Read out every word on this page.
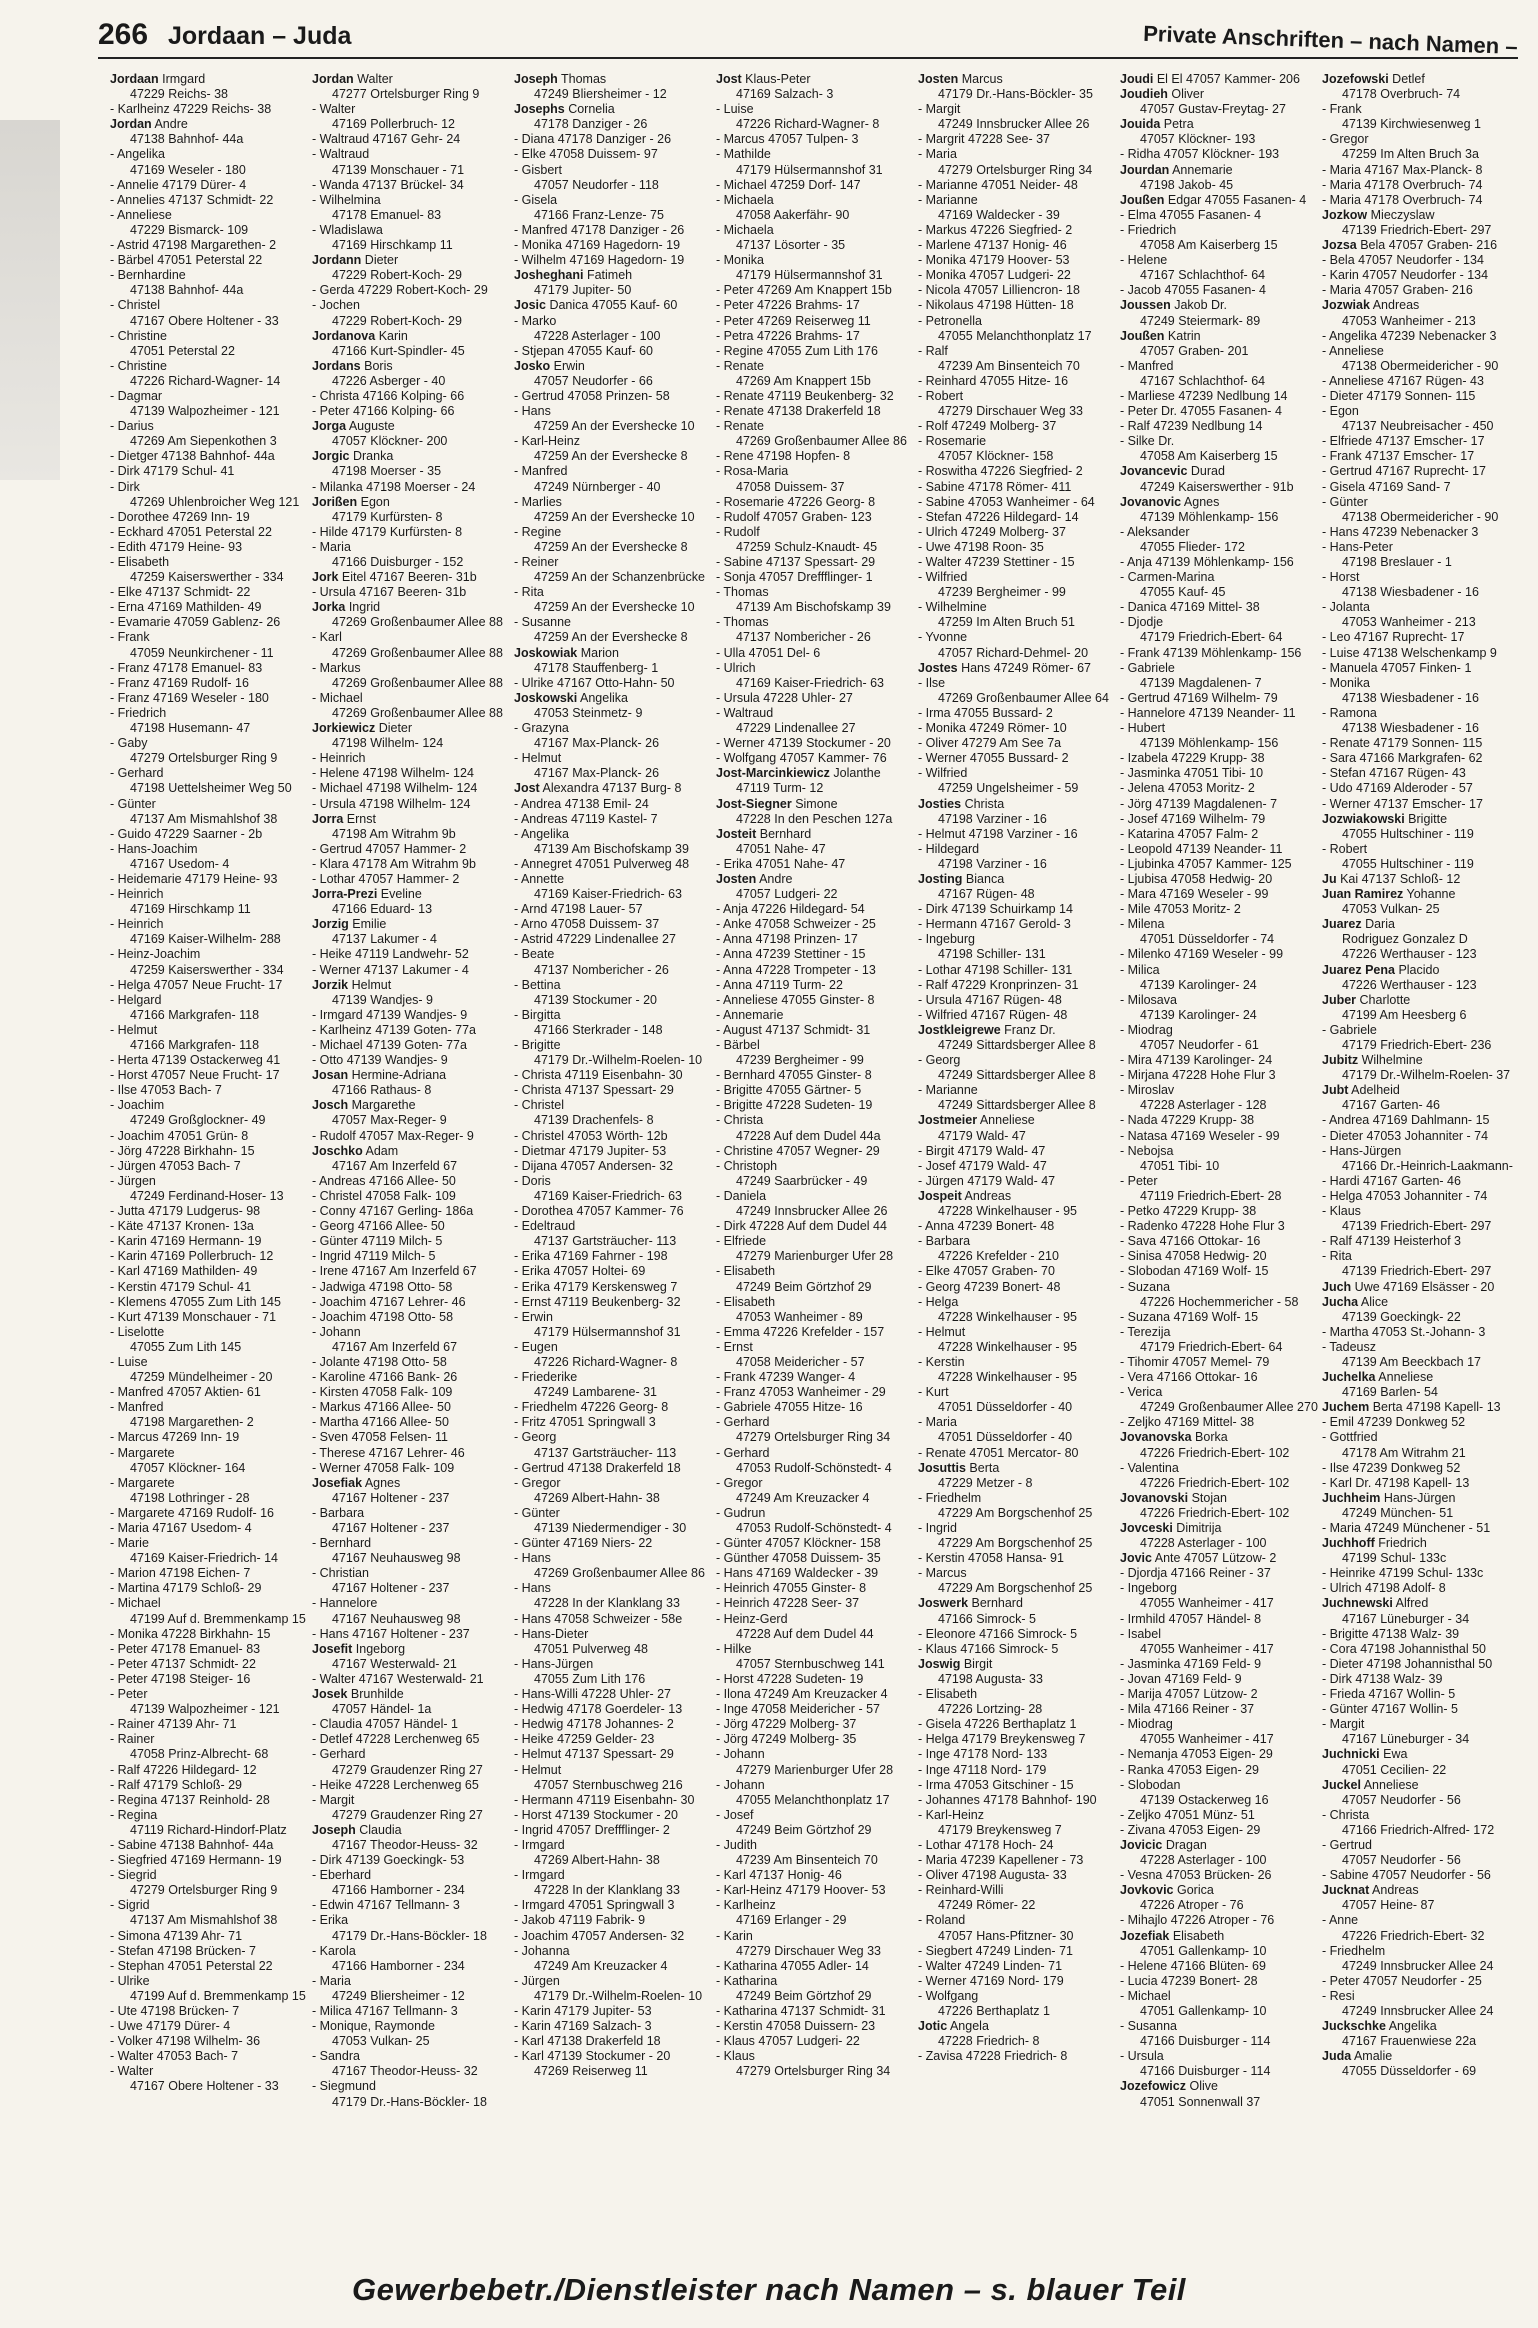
266 Jordaan – Juda	Private Anschriften – nach Namen –
Jordaan Irmgard
47229 Reichs- 38
- Karlheinz 47229 Reichs- 38
Jordan Andre
47138 Bahnhof- 44a
- Angelika
47169 Weseler - 180
- Annelie 47179 Dürer- 4
- Annelies 47137 Schmidt- 22
- Anneliese
47229 Bismarck- 109
- Astrid 47198 Margarethen- 2
- Bärbel 47051 Peterstal 22
- Bernhardine
47138 Bahnhof- 44a
- Christel
47167 Obere Holtener - 33
- Christine
47051 Peterstal 22
- Christine
47226 Richard-Wagner- 14
- Dagmar
47139 Walpozheimer - 121
- Darius
47269 Am Siepenkothen 3
- Dietger 47138 Bahnhof- 44a
- Dirk 47179 Schul- 41
- Dirk
47269 Uhlenbroicher Weg 121
- Dorothee 47269 Inn- 19
- Eckhard 47051 Peterstal 22
- Edith 47179 Heine- 93
- Elisabeth
47259 Kaiserswerther - 334
- Elke 47137 Schmidt- 22
- Erna 47169 Mathilden- 49
- Evamarie 47059 Gablenz- 26
- Frank
47059 Neunkirchener - 11
- Franz 47178 Emanuel- 83
- Franz 47169 Rudolf- 16
- Franz 47169 Weseler - 180
- Friedrich
47198 Husemann- 47
- Gaby
47279 Ortelsburger Ring 9
- Gerhard
47198 Uettelsheimer Weg 50
- Günter
47137 Am Mismahlshof 38
- Guido 47229 Saarner - 2b
- Hans-Joachim
47167 Usedom- 4
- Heidemarie 47179 Heine- 93
- Heinrich
47169 Hirschkamp 11
- Heinrich
47169 Kaiser-Wilhelm- 288
- Heinz-Joachim
47259 Kaiserswerther - 334
- Helga 47057 Neue Frucht- 17
- Helgard
47166 Markgrafen- 118
- Helmut
47166 Markgrafen- 118
- Herta 47139 Ostackerweg 41
- Horst 47057 Neue Frucht- 17
- Ilse 47053 Bach- 7
- Joachim
47249 Großglockner- 49
- Joachim 47051 Grün- 8
- Jörg 47228 Birkhahn- 15
- Jürgen 47053 Bach- 7
- Jürgen
47249 Ferdinand-Hoser- 13
- Jutta 47179 Ludgerus- 98
- Käte 47137 Kronen- 13a
- Karin 47169 Hermann- 19
- Karin 47169 Pollerbruch- 12
- Karl 47169 Mathilden- 49
- Kerstin 47179 Schul- 41
- Klemens 47055 Zum Lith 145
- Kurt 47139 Monschauer - 71
- Liselotte
47055 Zum Lith 145
- Luise
47259 Mündelheimer - 20
- Manfred 47057 Aktien- 61
- Manfred
47198 Margarethen- 2
- Marcus 47269 Inn- 19
- Margarete
47057 Klöckner- 164
- Margarete
47198 Lothringer - 28
- Margarete 47169 Rudolf- 16
- Maria 47167 Usedom- 4
- Marie
47169 Kaiser-Friedrich- 14
- Marion 47198 Eichen- 7
- Martina 47179 Schloß- 29
- Michael
47199 Auf d. Bremmenkamp 15
- Monika 47228 Birkhahn- 15
- Peter 47178 Emanuel- 83
- Peter 47137 Schmidt- 22
- Peter 47198 Steiger- 16
- Peter
47139 Walpozheimer - 121
- Rainer 47139 Ahr- 71
- Rainer
47058 Prinz-Albrecht- 68
- Ralf 47226 Hildegard- 12
- Ralf 47179 Schloß- 29
- Regina 47137 Reinhold- 28
- Regina
47119 Richard-Hindorf-Platz
- Sabine 47138 Bahnhof- 44a
- Siegfried 47169 Hermann- 19
- Siegrid
47279 Ortelsburger Ring 9
- Sigrid
47137 Am Mismahlshof 38
- Simona 47139 Ahr- 71
- Stefan 47198 Brücken- 7
- Stephan 47051 Peterstal 22
- Ulrike
47199 Auf d. Bremmenkamp 15
- Ute 47198 Brücken- 7
- Uwe 47179 Dürer- 4
- Volker 47198 Wilhelm- 36
- Walter 47053 Bach- 7
- Walter
47167 Obere Holtener - 33
Jordan Walter
47277 Ortelsburger Ring 9
- Walter
47169 Pollerbruch- 12
- Waltraud 47167 Gehr- 24
- Waltraud
47139 Monschauer - 71
- Wanda 47137 Brückel- 34
- Wilhelmina
47178 Emanuel- 83
- Wladislawa
47169 Hirschkamp 11
Jordann Dieter
47229 Robert-Koch- 29
- Gerda 47229 Robert-Koch- 29
- Jochen
47229 Robert-Koch- 29
Jordanova Karin
47166 Kurt-Spindler- 45
Jordans Boris
47226 Asberger - 40
- Christa 47166 Kolping- 66
- Peter 47166 Kolping- 66
Jorga Auguste
47057 Klöckner- 200
Jorgic Dranka
47198 Moerser - 35
- Milanka 47198 Moerser - 24
Jorißen Egon
47179 Kurfürsten- 8
- Hilde 47179 Kurfürsten- 8
- Maria
47166 Duisburger - 152
Jork Eitel 47167 Beeren- 31b
- Ursula 47167 Beeren- 31b
Jorka Ingrid
47269 Großenbaumer Allee 88
- Karl
47269 Großenbaumer Allee 88
- Markus
47269 Großenbaumer Allee 88
- Michael
47269 Großenbaumer Allee 88
Jorkiewicz Dieter
47198 Wilhelm- 124
- Heinrich
- Helene 47198 Wilhelm- 124
- Michael 47198 Wilhelm- 124
- Ursula 47198 Wilhelm- 124
Jorra Ernst
47198 Am Witrahm 9b
- Gertrud 47057 Hammer- 2
- Klara 47178 Am Witrahm 9b
- Lothar 47057 Hammer- 2
Jorra-Prezi Eveline
47166 Eduard- 13
Jorzig Emilie
47137 Lakumer - 4
- Heike 47119 Landwehr- 52
- Werner 47137 Lakumer - 4
Jorzik Helmut
47139 Wandjes- 9
- Irmgard 47139 Wandjes- 9
- Karlheinz 47139 Goten- 77a
- Michael 47139 Goten- 77a
- Otto 47139 Wandjes- 9
Josan Hermine-Adriana
47166 Rathaus- 8
Josch Margarethe
47057 Max-Reger- 9
- Rudolf 47057 Max-Reger- 9
Joschko Adam
47167 Am Inzerfeld 67
- Andreas 47166 Allee- 50
- Christel 47058 Falk- 109
- Conny 47167 Gerling- 186a
- Georg 47166 Allee- 50
- Günter 47119 Milch- 5
- Ingrid 47119 Milch- 5
- Irene 47167 Am Inzerfeld 67
- Jadwiga 47198 Otto- 58
- Joachim 47167 Lehrer- 46
- Joachim 47198 Otto- 58
- Johann
47167 Am Inzerfeld 67
- Jolante 47198 Otto- 58
- Karoline 47166 Bank- 26
- Kirsten 47058 Falk- 109
- Markus 47166 Allee- 50
- Martha 47166 Allee- 50
- Sven 47058 Felsen- 11
- Therese 47167 Lehrer- 46
- Werner 47058 Falk- 109
Josefiak Agnes
47167 Holtener - 237
- Barbara
47167 Holtener - 237
- Bernhard
47167 Neuhausweg 98
- Christian
47167 Holtener - 237
- Hannelore
47167 Neuhausweg 98
- Hans 47167 Holtener - 237
Josefit Ingeborg
47167 Westerwald- 21
- Walter 47167 Westerwald- 21
Josek Brunhilde
47057 Händel- 1a
- Claudia 47057 Händel- 1
- Detlef 47228 Lerchenweg 65
- Gerhard
47279 Graudenzer Ring 27
- Heike 47228 Lerchenweg 65
- Margit
47279 Graudenzer Ring 27
Joseph Claudia
47167 Theodor-Heuss- 32
- Dirk 47139 Goeckingk- 53
- Eberhard
47166 Hamborner - 234
- Edwin 47167 Tellmann- 3
- Erika
47179 Dr.-Hans-Böckler- 18
- Karola
47166 Hamborner - 234
- Maria
47249 Bliersheimer - 12
- Milica 47167 Tellmann- 3
- Monique, Raymonde
47053 Vulkan- 25
- Sandra
47167 Theodor-Heuss- 32
- Siegmund
47179 Dr.-Hans-Böckler- 18
Joseph Thomas
47249 Bliersheimer - 12
Josephs Cornelia
47178 Danziger - 26
- Diana 47178 Danziger - 26
- Elke 47058 Duissem- 97
- Gisbert
47057 Neudorfer - 118
- Gisela
47166 Franz-Lenze- 75
- Manfred 47178 Danziger - 26
- Monika 47169 Hagedorn- 19
- Wilhelm 47169 Hagedorn- 19
Josheghani Fatimeh
47179 Jupiter- 50
Josic Danica 47055 Kauf- 60
- Marko
47228 Asterlager - 100
- Stjepan 47055 Kauf- 60
Josko Erwin
47057 Neudorfer - 66
- Gertrud 47058 Prinzen- 58
- Hans
47259 An der Evershecke 10
- Karl-Heinz
47259 An der Evershecke 8
- Manfred
47249 Nürnberger - 40
- Marlies
47259 An der Evershecke 10
- Regine
47259 An der Evershecke 8
- Reiner
47259 An der Schanzenbrücke
- Rita
47259 An der Evershecke 10
- Susanne
47259 An der Evershecke 8
Joskowiak Marion
47178 Stauffenberg- 1
- Ulrike 47167 Otto-Hahn- 50
Joskowski Angelika
47053 Steinmetz- 9
- Grazyna
47167 Max-Planck- 26
- Helmut
47167 Max-Planck- 26
Jost Alexandra 47137 Burg- 8
- Andrea 47138 Emil- 24
- Andreas 47119 Kastel- 7
- Angelika
47139 Am Bischofskamp 39
- Annegret 47051 Pulverweg 48
- Annette
47169 Kaiser-Friedrich- 63
- Arnd 47198 Lauer- 57
- Arno 47058 Duissem- 37
- Astrid 47229 Lindenallee 27
- Beate
47137 Nombericher - 26
- Bettina
47139 Stockumer - 20
- Birgitta
47166 Sterkrader - 148
- Brigitte
47179 Dr.-Wilhelm-Roelen- 10
- Christa 47119 Eisenbahn- 30
- Christa 47137 Spessart- 29
- Christel
47139 Drachenfels- 8
- Christel 47053 Wörth- 12b
- Dietmar 47179 Jupiter- 53
- Dijana 47057 Andersen- 32
- Doris
47169 Kaiser-Friedrich- 63
- Dorothea 47057 Kammer- 76
- Edeltraud
47137 Gartsträucher- 113
- Erika 47169 Fahrner - 198
- Erika 47057 Holtei- 69
- Erika 47179 Kerskensweg 7
- Ernst 47119 Beukenberg- 32
- Erwin
47179 Hülsermannshof 31
- Eugen
47226 Richard-Wagner- 8
- Friederike
47249 Lambarene- 31
- Friedhelm 47226 Georg- 8
- Fritz 47051 Springwall 3
- Georg
47137 Gartsträucher- 113
- Gertrud 47138 Drakerfeld 18
- Gregor
47269 Albert-Hahn- 38
- Günter
47139 Niedermendiger - 30
- Günter 47169 Niers- 22
- Hans
47269 Großenbaumer Allee 86
- Hans
47228 In der Klanklang 33
- Hans 47058 Schweizer - 58e
- Hans-Dieter
47051 Pulverweg 48
- Hans-Jürgen
47055 Zum Lith 176
- Hans-Willi 47228 Uhler- 27
- Hedwig 47178 Goerdeler- 13
- Hedwig 47178 Johannes- 2
- Heike 47259 Gelder- 23
- Helmut 47137 Spessart- 29
- Helmut
47057 Sternbuschweg 216
- Hermann 47119 Eisenbahn- 30
- Horst 47139 Stockumer - 20
- Ingrid 47057 Dreffflinger- 2
- Irmgard
47269 Albert-Hahn- 38
- Irmgard
47228 In der Klanklang 33
- Irmgard 47051 Springwall 3
- Jakob 47119 Fabrik- 9
- Joachim 47057 Andersen- 32
- Johanna
47249 Am Kreuzacker 4
- Jürgen
47179 Dr.-Wilhelm-Roelen- 10
- Karin 47179 Jupiter- 53
- Karin 47169 Salzach- 3
- Karl 47138 Drakerfeld 18
- Karl 47139 Stockumer - 20
47269 Reiserweg 11
Jost Klaus-Peter
47169 Salzach- 3
- Luise
47226 Richard-Wagner- 8
- Marcus 47057 Tulpen- 3
- Mathilde
47179 Hülsermannshof 31
- Michael 47259 Dorf- 147
- Michaela
47058 Aakerfähr- 90
- Michaela
47137 Lösorter - 35
- Monika
47179 Hülsermannshof 31
- Peter 47269 Am Knappert 15b
- Peter 47226 Brahms- 17
- Peter 47269 Reiserweg 11
- Petra 47226 Brahms- 17
- Regine 47055 Zum Lith 176
- Renate
47269 Am Knappert 15b
- Renate 47119 Beukenberg- 32
- Renate 47138 Drakerfeld 18
- Renate
47269 Großenbaumer Allee 86
- Rene 47198 Hopfen- 8
- Rosa-Maria
47058 Duissem- 37
- Rosemarie 47226 Georg- 8
- Rudolf 47057 Graben- 123
- Rudolf
47259 Schulz-Knaudt- 45
- Sabine 47137 Spessart- 29
- Sonja 47057 Dreffflinger- 1
- Thomas
47139 Am Bischofskamp 39
- Thomas
47137 Nombericher - 26
- Ulla 47051 Del- 6
- Ulrich
47169 Kaiser-Friedrich- 63
- Ursula 47228 Uhler- 27
- Waltraud
47229 Lindenallee 27
- Werner 47139 Stockumer - 20
- Wolfgang 47057 Kammer- 76
Jost-Marcinkiewicz Jolanthe
47119 Turm- 12
Jost-Siegner Simone
47228 In den Peschen 127a
Josteit Bernhard
47051 Nahe- 47
- Erika 47051 Nahe- 47
Josten Andre
47057 Ludgeri- 22
- Anja 47226 Hildegard- 54
- Anke 47058 Schweizer - 25
- Anna 47198 Prinzen- 17
- Anna 47239 Stettiner - 15
- Anna 47228 Trompeter - 13
- Anna 47119 Turm- 22
- Anneliese 47055 Ginster- 8
- Annemarie
- August 47137 Schmidt- 31
- Bärbel
47239 Bergheimer - 99
- Bernhard 47055 Ginster- 8
- Brigitte 47055 Gärtner- 5
- Brigitte 47228 Sudeten- 19
- Christa
47228 Auf dem Dudel 44a
- Christine 47057 Wegner- 29
- Christoph
47249 Saarbrücker - 49
- Daniela
47249 Innsbrucker Allee 26
- Dirk 47228 Auf dem Dudel 44
- Elfriede
47279 Marienburger Ufer 28
- Elisabeth
47249 Beim Görtzhof 29
- Elisabeth
47053 Wanheimer - 89
- Emma 47226 Krefelder - 157
- Ernst
47058 Meidericher - 57
- Frank 47239 Wanger- 4
- Franz 47053 Wanheimer - 29
- Gabriele 47055 Hitze- 16
- Gerhard
47279 Ortelsburger Ring 34
- Gerhard
47053 Rudolf-Schönstedt- 4
- Gregor
47249 Am Kreuzacker 4
- Gudrun
47053 Rudolf-Schönstedt- 4
- Günter 47057 Klöckner- 158
- Günther 47058 Duissem- 35
- Hans 47169 Waldecker - 39
- Heinrich 47055 Ginster- 8
- Heinrich 47228 Seer- 37
- Heinz-Gerd
47228 Auf dem Dudel 44
- Hilke
47057 Sternbuschweg 141
- Horst 47228 Sudeten- 19
- Ilona 47249 Am Kreuzacker 4
- Inge 47058 Meidericher - 57
- Jörg 47229 Molberg- 37
- Jörg 47249 Molberg- 35
- Johann
47279 Marienburger Ufer 28
- Johann
47055 Melanchthonplatz 17
- Josef
47249 Beim Görtzhof 29
- Judith
47239 Am Binsenteich 70
- Karl 47137 Honig- 46
- Karl-Heinz 47179 Hoover- 53
- Karlheinz
47169 Erlanger - 29
- Karin
47279 Dirschauer Weg 33
- Katharina 47055 Adler- 14
- Katharina
47249 Beim Görtzhof 29
- Katharina 47137 Schmidt- 31
- Kerstin 47058 Duissern- 23
- Klaus 47057 Ludgeri- 22
- Klaus
47279 Ortelsburger Ring 34
Josten Marcus
47179 Dr.-Hans-Böckler- 35
- Margit
47249 Innsbrucker Allee 26
- Margrit 47228 See- 37
- Maria
47279 Ortelsburger Ring 34
- Marianne 47051 Neider- 48
- Marianne
47169 Waldecker - 39
- Markus 47226 Siegfried- 2
- Marlene 47137 Honig- 46
- Monika 47179 Hoover- 53
- Monika 47057 Ludgeri- 22
- Nicola 47057 Lilliencron- 18
- Nikolaus 47198 Hütten- 18
- Petronella
47055 Melanchthonplatz 17
- Ralf
47239 Am Binsenteich 70
- Reinhard 47055 Hitze- 16
- Robert
47279 Dirschauer Weg 33
- Rolf 47249 Molberg- 37
- Rosemarie
47057 Klöckner- 158
- Roswitha 47226 Siegfried- 2
- Sabine 47178 Römer- 411
- Sabine 47053 Wanheimer - 64
- Stefan 47226 Hildegard- 14
- Ulrich 47249 Molberg- 37
- Uwe 47198 Roon- 35
- Walter 47239 Stettiner - 15
- Wilfried
47239 Bergheimer - 99
- Wilhelmine
47259 Im Alten Bruch 51
- Yvonne
47057 Richard-Dehmel- 20
Jostes Hans 47249 Römer- 67
- Ilse
47269 Großenbaumer Allee 64
- Irma 47055 Bussard- 2
- Monika 47249 Römer- 10
- Oliver 47279 Am See 7a
- Werner 47055 Bussard- 2
- Wilfried
47259 Ungelsheimer - 59
Josties Christa
47198 Varziner - 16
- Helmut 47198 Varziner - 16
- Hildegard
47198 Varziner - 16
Josting Bianca
47167 Rügen- 48
- Dirk 47139 Schuirkamp 14
- Hermann 47167 Gerold- 3
- Ingeburg
47198 Schiller- 131
- Lothar 47198 Schiller- 131
- Ralf 47229 Kronprinzen- 31
- Ursula 47167 Rügen- 48
- Wilfried 47167 Rügen- 48
Jostkleigrewe Franz Dr.
47249 Sittardsberger Allee 8
- Georg
47249 Sittardsberger Allee 8
- Marianne
47249 Sittardsberger Allee 8
Jostmeier Anneliese
47179 Wald- 47
- Birgit 47179 Wald- 47
- Josef 47179 Wald- 47
- Jürgen 47179 Wald- 47
Jospeit Andreas
47228 Winkelhauser - 95
- Anna 47239 Bonert- 48
- Barbara
47226 Krefelder - 210
- Elke 47057 Graben- 70
- Georg 47239 Bonert- 48
- Helga
47228 Winkelhauser - 95
- Helmut
47228 Winkelhauser - 95
- Kerstin
47228 Winkelhauser - 95
- Kurt
47051 Düsseldorfer - 40
- Maria
47051 Düsseldorfer - 40
- Renate 47051 Mercator- 80
Josuttis Berta
47229 Metzer - 8
- Friedhelm
47229 Am Borgschenhof 25
- Ingrid
47229 Am Borgschenhof 25
- Kerstin 47058 Hansa- 91
- Marcus
47229 Am Borgschenhof 25
Joswerk Bernhard
47166 Simrock- 5
- Eleonore 47166 Simrock- 5
- Klaus 47166 Simrock- 5
Joswig Birgit
47198 Augusta- 33
- Elisabeth
47226 Lortzing- 28
- Gisela 47226 Berthaplatz 1
- Helga 47179 Breykensweg 7
- Inge 47178 Nord- 133
- Inge 47118 Nord- 179
- Irma 47053 Gitschiner - 15
- Johannes 47178 Bahnhof- 190
- Karl-Heinz
47179 Breykensweg 7
- Lothar 47178 Hoch- 24
- Maria 47239 Kapellener - 73
- Oliver 47198 Augusta- 33
- Reinhard-Willi
47249 Römer- 22
- Roland
47057 Hans-Pfitzner- 30
- Siegbert 47249 Linden- 71
- Walter 47249 Linden- 71
- Werner 47169 Nord- 179
- Wolfgang
47226 Berthaplatz 1
Jotic Angela
47228 Friedrich- 8
- Zavisa 47228 Friedrich- 8
Joudi El El 47057 Kammer- 206
Joudieh Oliver
47057 Gustav-Freytag- 27
Jouida Petra
47057 Klöckner- 193
- Ridha 47057 Klöckner- 193
Jourdan Annemarie
47198 Jakob- 45
Joußen Edgar 47055 Fasanen- 4
- Elma 47055 Fasanen- 4
- Friedrich
47058 Am Kaiserberg 15
- Helene
47167 Schlachthof- 64
- Jacob 47055 Fasanen- 4
Joussen Jakob Dr.
47249 Steiermark- 89
Joußen Katrin
47057 Graben- 201
- Manfred
47167 Schlachthof- 64
- Marliese 47239 Nedlbung 14
- Peter Dr. 47055 Fasanen- 4
- Ralf 47239 Nedlbung 14
- Silke Dr.
47058 Am Kaiserberg 15
Jovancevic Durad
47249 Kaiserswerther - 91b
Jovanovic Agnes
47139 Möhlenkamp- 156
- Aleksander
47055 Flieder- 172
- Anja 47139 Möhlenkamp- 156
- Carmen-Marina
47055 Kauf- 45
- Danica 47169 Mittel- 38
- Djodje
47179 Friedrich-Ebert- 64
- Frank 47139 Möhlenkamp- 156
- Gabriele
47139 Magdalenen- 7
- Gertrud 47169 Wilhelm- 79
- Hannelore 47139 Neander- 11
- Hubert
47139 Möhlenkamp- 156
- Izabela 47229 Krupp- 38
- Jasminka 47051 Tibi- 10
- Jelena 47053 Moritz- 2
- Jörg 47139 Magdalenen- 7
- Josef 47169 Wilhelm- 79
- Katarina 47057 Falm- 2
- Leopold 47139 Neander- 11
- Ljubinka 47057 Kammer- 125
- Ljubisa 47058 Hedwig- 20
- Mara 47169 Weseler - 99
- Mile 47053 Moritz- 2
- Milena
47051 Düsseldorfer - 74
- Milenko 47169 Weseler - 99
- Milica
47139 Karolinger- 24
- Milosava
47139 Karolinger- 24
- Miodrag
47057 Neudorfer - 61
- Mira 47139 Karolinger- 24
- Mirjana 47228 Hohe Flur 3
- Miroslav
47228 Asterlager - 128
- Nada 47229 Krupp- 38
- Natasa 47169 Weseler - 99
- Nebojsa
47051 Tibi- 10
- Peter
47119 Friedrich-Ebert- 28
- Petko 47229 Krupp- 38
- Radenko 47228 Hohe Flur 3
- Sava 47166 Ottokar- 16
- Sinisa 47058 Hedwig- 20
- Slobodan 47169 Wolf- 15
- Suzana
47226 Hochemmericher - 58
- Suzana 47169 Wolf- 15
- Terezija
47179 Friedrich-Ebert- 64
- Tihomir 47057 Memel- 79
- Vera 47166 Ottokar- 16
- Verica
47249 Großenbaumer Allee 270
- Zeljko 47169 Mittel- 38
Jovanovska Borka
47226 Friedrich-Ebert- 102
- Valentina
47226 Friedrich-Ebert- 102
Jovanovski Stojan
47226 Friedrich-Ebert- 102
Jovceski Dimitrija
47228 Asterlager - 100
Jovic Ante 47057 Lützow- 2
- Djordja 47166 Reiner - 37
- Ingeborg
47055 Wanheimer - 417
- Irmhild 47057 Händel- 8
- Isabel
47055 Wanheimer - 417
- Jasminka 47169 Feld- 9
- Jovan 47169 Feld- 9
- Marija 47057 Lützow- 2
- Mila 47166 Reiner - 37
- Miodrag
47055 Wanheimer - 417
- Nemanja 47053 Eigen- 29
- Ranka 47053 Eigen- 29
- Slobodan
47139 Ostackerweg 16
- Zeljko 47051 Münz- 51
- Zivana 47053 Eigen- 29
Jovicic Dragan
47228 Asterlager - 100
- Vesna 47053 Brücken- 26
Jovkovic Gorica
47226 Atroper - 76
- Mihajlo 47226 Atroper - 76
Jozefiak Elisabeth
47051 Gallenkamp- 10
- Helene 47166 Blüten- 69
- Lucia 47239 Bonert- 28
- Michael
47051 Gallenkamp- 10
- Susanna
47166 Duisburger - 114
- Ursula
47166 Duisburger - 114
Jozefowicz Olive
47051 Sonnenwall 37
Jozefowski Detlef
47178 Overbruch- 74
- Frank
47139 Kirchwiesenweg 1
- Gregor
47259 Im Alten Bruch 3a
- Maria 47167 Max-Planck- 8
- Maria 47178 Overbruch- 74
- Maria 47178 Overbruch- 74
Jozkow Mieczyslaw
47139 Friedrich-Ebert- 297
Jozsa Bela 47057 Graben- 216
- Bela 47057 Neudorfer - 134
- Karin 47057 Neudorfer - 134
- Maria 47057 Graben- 216
Jozwiak Andreas
47053 Wanheimer - 213
- Angelika 47239 Nebenacker 3
- Anneliese
47138 Obermeidericher - 90
- Anneliese 47167 Rügen- 43
- Dieter 47179 Sonnen- 115
- Egon
47137 Neubreisacher - 450
- Elfriede 47137 Emscher- 17
- Frank 47137 Emscher- 17
- Gertrud 47167 Ruprecht- 17
- Gisela 47169 Sand- 7
- Günter
47138 Obermeidericher - 90
- Hans 47239 Nebenacker 3
- Hans-Peter
47198 Breslauer - 1
- Horst
47138 Wiesbadener - 16
- Jolanta
47053 Wanheimer - 213
- Leo 47167 Ruprecht- 17
- Luise 47138 Welschenkamp 9
- Manuela 47057 Finken- 1
- Monika
47138 Wiesbadener - 16
- Ramona
47138 Wiesbadener - 16
- Renate 47179 Sonnen- 115
- Sara 47166 Markgrafen- 62
- Stefan 47167 Rügen- 43
- Udo 47169 Alderoder - 57
- Werner 47137 Emscher- 17
Jozwiakowski Brigitte
47055 Hultschiner - 119
- Robert
47055 Hultschiner - 119
Ju Kai 47137 Schloß- 12
Juan Ramirez Yohanne
47053 Vulkan- 25
Juarez Daria
Rodriguez Gonzalez D
47226 Werthauser - 123
Juarez Pena Placido
47226 Werthauser - 123
Juber Charlotte
47199 Am Heesberg 6
- Gabriele
47179 Friedrich-Ebert- 236
Jubitz Wilhelmine
47179 Dr.-Wilhelm-Roelen- 37
Jubt Adelheid
47167 Garten- 46
- Andrea 47169 Dahlmann- 15
- Dieter 47053 Johanniter - 74
- Hans-Jürgen
47166 Dr.-Heinrich-Laakmann-
- Hardi 47167 Garten- 46
- Helga 47053 Johanniter - 74
- Klaus
47139 Friedrich-Ebert- 297
- Ralf 47139 Heisterhof 3
- Rita
47139 Friedrich-Ebert- 297
Juch Uwe 47169 Elsässer - 20
Jucha Alice
47139 Goeckingk- 22
- Martha 47053 St.-Johann- 3
- Tadeusz
47139 Am Beeckbach 17
Juchelka Anneliese
47169 Barlen- 54
Juchem Berta 47198 Kapell- 13
- Emil 47239 Donkweg 52
- Gottfried
47178 Am Witrahm 21
- Ilse 47239 Donkweg 52
- Karl Dr. 47198 Kapell- 13
Juchheim Hans-Jürgen
47249 München- 51
- Maria 47249 Münchener - 51
Juchhoff Friedrich
47199 Schul- 133c
- Heinrike 47199 Schul- 133c
- Ulrich 47198 Adolf- 8
Juchnewski Alfred
47167 Lüneburger - 34
- Brigitte 47138 Walz- 39
- Cora 47198 Johannisthal 50
- Dieter 47198 Johannisthal 50
- Dirk 47138 Walz- 39
- Frieda 47167 Wollin- 5
- Günter 47167 Wollin- 5
- Margit
47167 Lüneburger - 34
Juchnicki Ewa
47051 Cecilien- 22
Juckel Anneliese
47057 Neudorfer - 56
- Christa
47166 Friedrich-Alfred- 172
- Gertrud
47057 Neudorfer - 56
- Sabine 47057 Neudorfer - 56
Jucknat Andreas
47057 Heine- 87
- Anne
47226 Friedrich-Ebert- 32
- Friedhelm
47249 Innsbrucker Allee 24
- Peter 47057 Neudorfer - 25
- Resi
47249 Innsbrucker Allee 24
Juckschke Angelika
47167 Frauenwiese 22a
Juda Amalie
47055 Düsseldorfer - 69
Gewerbebetr./Dienstleister nach Namen – s. blauer Teil
